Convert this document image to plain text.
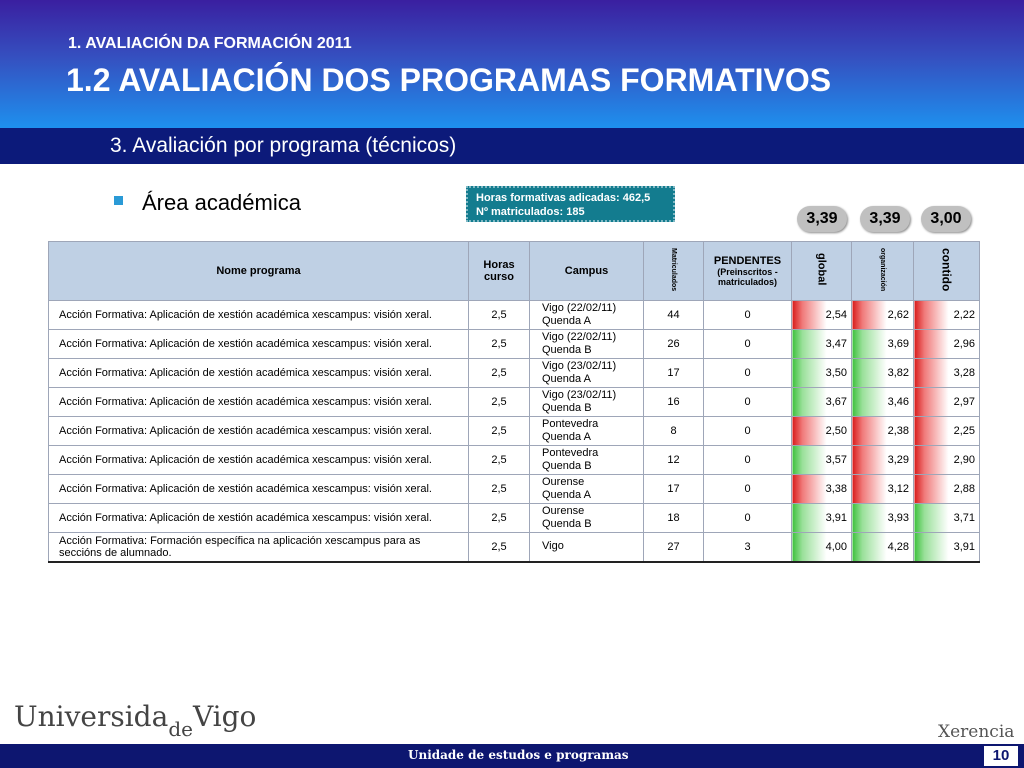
1. AVALIACIÓN DA FORMACIÓN 2011
1.2 AVALIACIÓN DOS PROGRAMAS FORMATIVOS
3. Avaliación por programa (técnicos)
Área académica	Horas formativas adicadas: 462,5
Nº matriculados: 185	3,39	3,39	3,00
Nome programa	Horas curso	Campus	Matriculados	PENDENTES
(Preinscritos - matriculados)	global	organización	contido
Acción Formativa: Aplicación de xestión académica xescampus: visión xeral.	2,5	Vigo (22/02/11)
Quenda A	44	0	2,54	2,62	2,22
Acción Formativa: Aplicación de xestión académica xescampus: visión xeral.	2,5	Vigo (22/02/11)
Quenda B	26	0	3,47	3,69	2,96
Acción Formativa: Aplicación de xestión académica xescampus: visión xeral.	2,5	Vigo (23/02/11)
Quenda A	17	0	3,50	3,82	3,28
Acción Formativa: Aplicación de xestión académica xescampus: visión xeral.	2,5	Vigo (23/02/11)
Quenda B	16	0	3,67	3,46	2,97
Acción Formativa: Aplicación de xestión académica xescampus: visión xeral.	2,5	Pontevedra
Quenda A	8	0	2,50	2,38	2,25
Acción Formativa: Aplicación de xestión académica xescampus: visión xeral.	2,5	Pontevedra
Quenda B	12	0	3,57	3,29	2,90
Acción Formativa: Aplicación de xestión académica xescampus: visión xeral.	2,5	Ourense
Quenda A	17	0	3,38	3,12	2,88
Acción Formativa: Aplicación de xestión académica xescampus: visión xeral.	2,5	Ourense
Quenda B	18	0	3,91	3,93	3,71
Acción Formativa: Formación específica na aplicación xescampus para as seccións de alumnado.	2,5	Vigo	27	3	4,00	4,28	3,91
Universida$_{de}$Vigo	Xerencia
Unidade de estudos e programas	10
